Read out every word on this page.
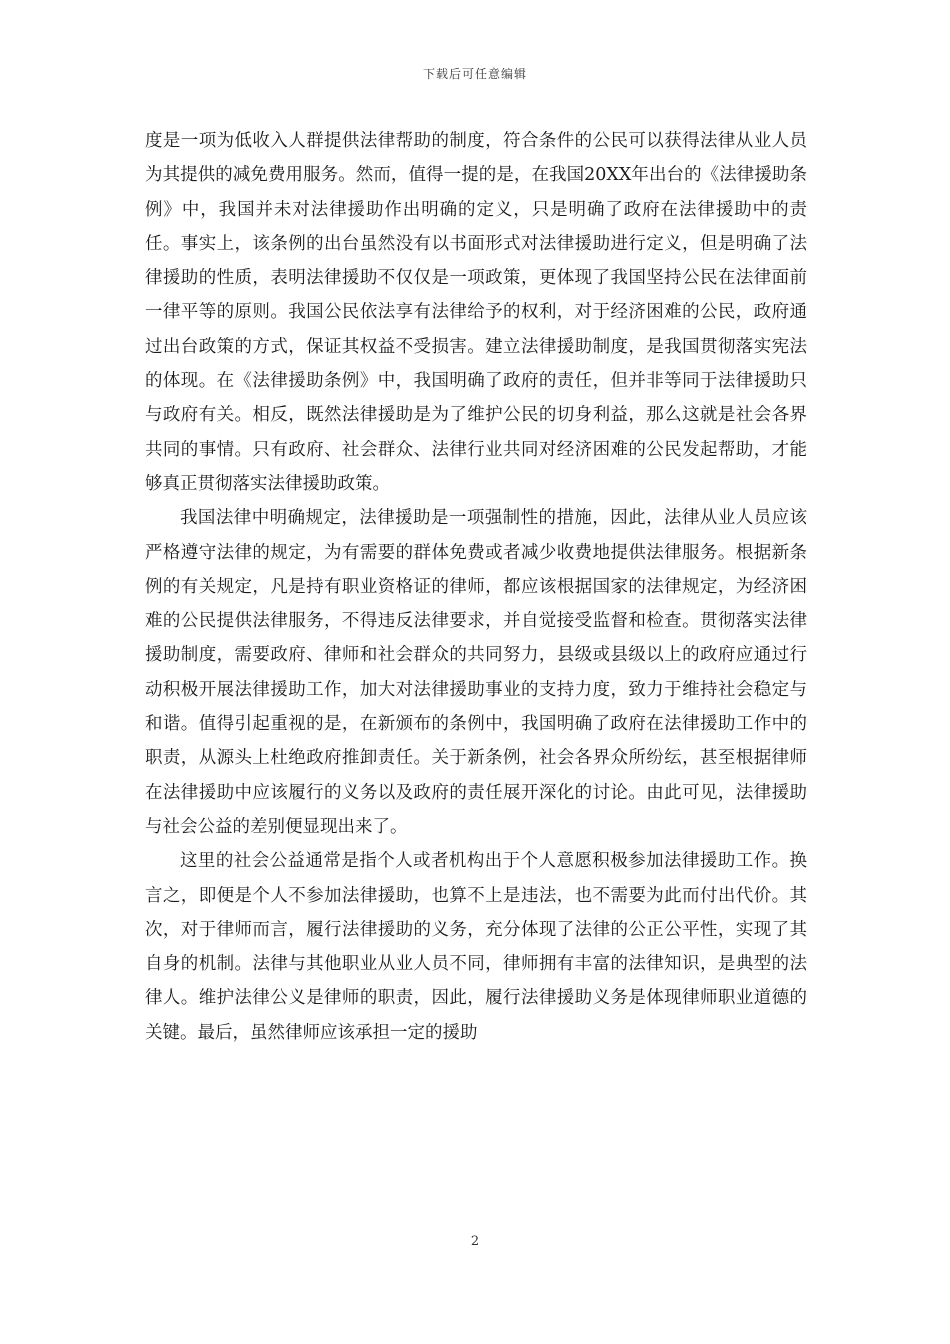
下载后可任意编辑

度是一项为低收入人群提供法律帮助的制度，符合条件的公民可以获得法律从业人员为其提供的减免费用服务。然而，值得一提的是，在我国20XX年出台的《法律援助条例》中，我国并未对法律援助作出明确的定义，只是明确了政府在法律援助中的责任。事实上，该条例的出台虽然没有以书面形式对法律援助进行定义，但是明确了法律援助的性质，表明法律援助不仅仅是一项政策，更体现了我国坚持公民在法律面前一律平等的原则。我国公民依法享有法律给予的权利，对于经济困难的公民，政府通过出台政策的方式，保证其权益不受损害。建立法律援助制度，是我国贯彻落实宪法的体现。在《法律援助条例》中，我国明确了政府的责任，但并非等同于法律援助只与政府有关。相反，既然法律援助是为了维护公民的切身利益，那么这就是社会各界共同的事情。只有政府、社会群众、法律行业共同对经济困难的公民发起帮助，才能够真正贯彻落实法律援助政策。

我国法律中明确规定，法律援助是一项强制性的措施，因此，法律从业人员应该严格遵守法律的规定，为有需要的群体免费或者减少收费地提供法律服务。根据新条例的有关规定，凡是持有职业资格证的律师，都应该根据国家的法律规定，为经济困难的公民提供法律服务，不得违反法律要求，并自觉接受监督和检查。贯彻落实法律援助制度，需要政府、律师和社会群众的共同努力，县级或县级以上的政府应通过行动积极开展法律援助工作，加大对法律援助事业的支持力度，致力于维持社会稳定与和谐。值得引起重视的是，在新颁布的条例中，我国明确了政府在法律援助工作中的职责，从源头上杜绝政府推卸责任。关于新条例，社会各界众所纷纭，甚至根据律师在法律援助中应该履行的义务以及政府的责任展开深化的讨论。由此可见，法律援助与社会公益的差别便显现出来了。

这里的社会公益通常是指个人或者机构出于个人意愿积极参加法律援助工作。换言之，即便是个人不参加法律援助，也算不上是违法，也不需要为此而付出代价。其次，对于律师而言，履行法律援助的义务，充分体现了法律的公正公平性，实现了其自身的机制。法律与其他职业从业人员不同，律师拥有丰富的法律知识，是典型的法律人。维护法律公义是律师的职责，因此，履行法律援助义务是体现律师职业道德的关键。最后，虽然律师应该承担一定的援助

2
